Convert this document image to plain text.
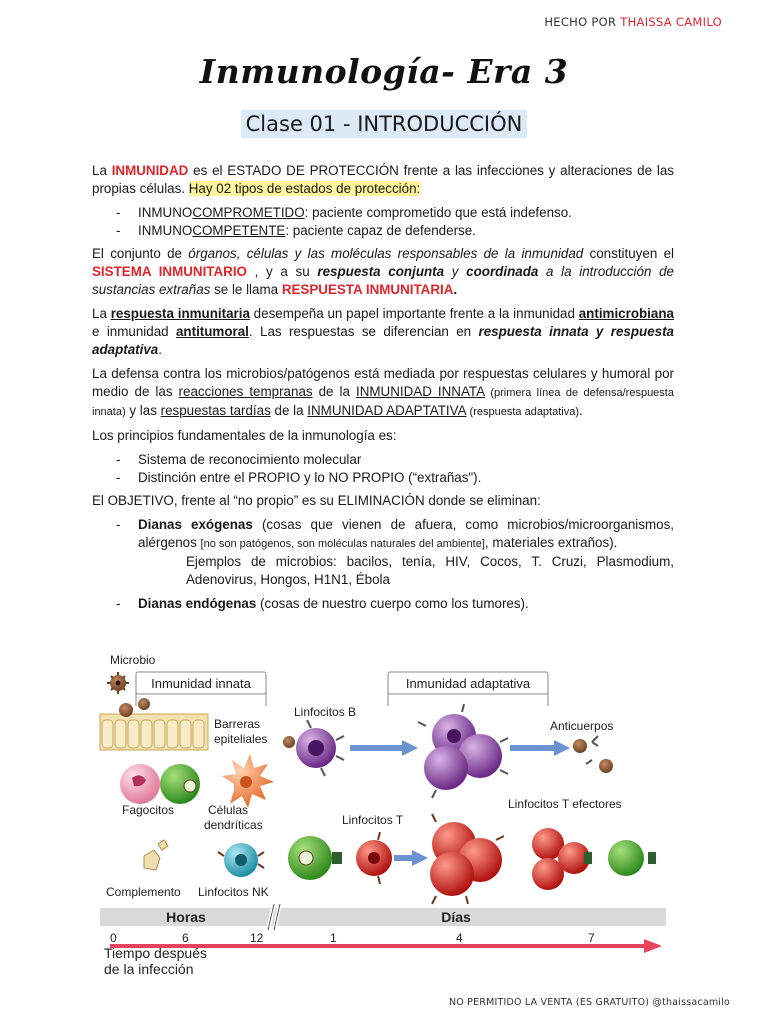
HECHO POR THAISSA CAMILO
Inmunología- Era 3
Clase 01 - INTRODUCCIÓN

La INMUNIDAD es el ESTADO DE PROTECCIÓN frente a las infecciones y alteraciones de las propias células. Hay 02 tipos de estados de protección:

- INMUNOCOMPROMETIDO: paciente comprometido que está indefenso.
- INMUNOCOMPETENTE: paciente capaz de defenderse.

El conjunto de órganos, células y las moléculas responsables de la inmunidad constituyen el SISTEMA INMUNITARIO , y a su respuesta conjunta y coordinada a la introducción de sustancias extrañas se le llama RESPUESTA INMUNITARIA.

La respuesta inmunitaria desempeña un papel importante frente a la inmunidad antimicrobiana e inmunidad antitumoral. Las respuestas se diferencian en respuesta innata y respuesta adaptativa.

La defensa contra los microbios/patógenos está mediada por respuestas celulares y humoral por medio de las reacciones tempranas de la INMUNIDAD INNATA (primera línea de defensa/respuesta innata) y las respuestas tardías de la INMUNIDAD ADAPTATIVA (respuesta adaptativa).

Los principios fundamentales de la inmunología es:

- Sistema de reconocimiento molecular
- Distinción entre el PROPIO y lo NO PROPIO (“extrañas").

El OBJETIVO, frente al “no propio” es su ELIMINACIÓN donde se eliminan:

- Dianas exógenas (cosas que vienen de afuera, como microbios/microorganismos, alérgenos [no son patógenos, son moléculas naturales del ambiente], materiales extraños).
Ejemplos de microbios: bacilos, tenía, HIV, Cocos, T. Cruzi, Plasmodium, Adenovirus, Hongos, H1N1, Ébola
- Dianas endógenas (cosas de nuestro cuerpo como los tumores).
Microbio
Inmunidad innata	Inmunidad adaptativa
Barreras
epiteliales
Fagocitos	Células
dendríticas
Complemento Linfocitos NK
Linfocitos B
Anticuerpos
Linfocitos T
Linfocitos T efectores
Horas	Días
0	6	12	1	4	7
Tiempo después
de la infección
NO PERMITIDO LA VENTA (ES GRATUITO) @thaissacamilo
